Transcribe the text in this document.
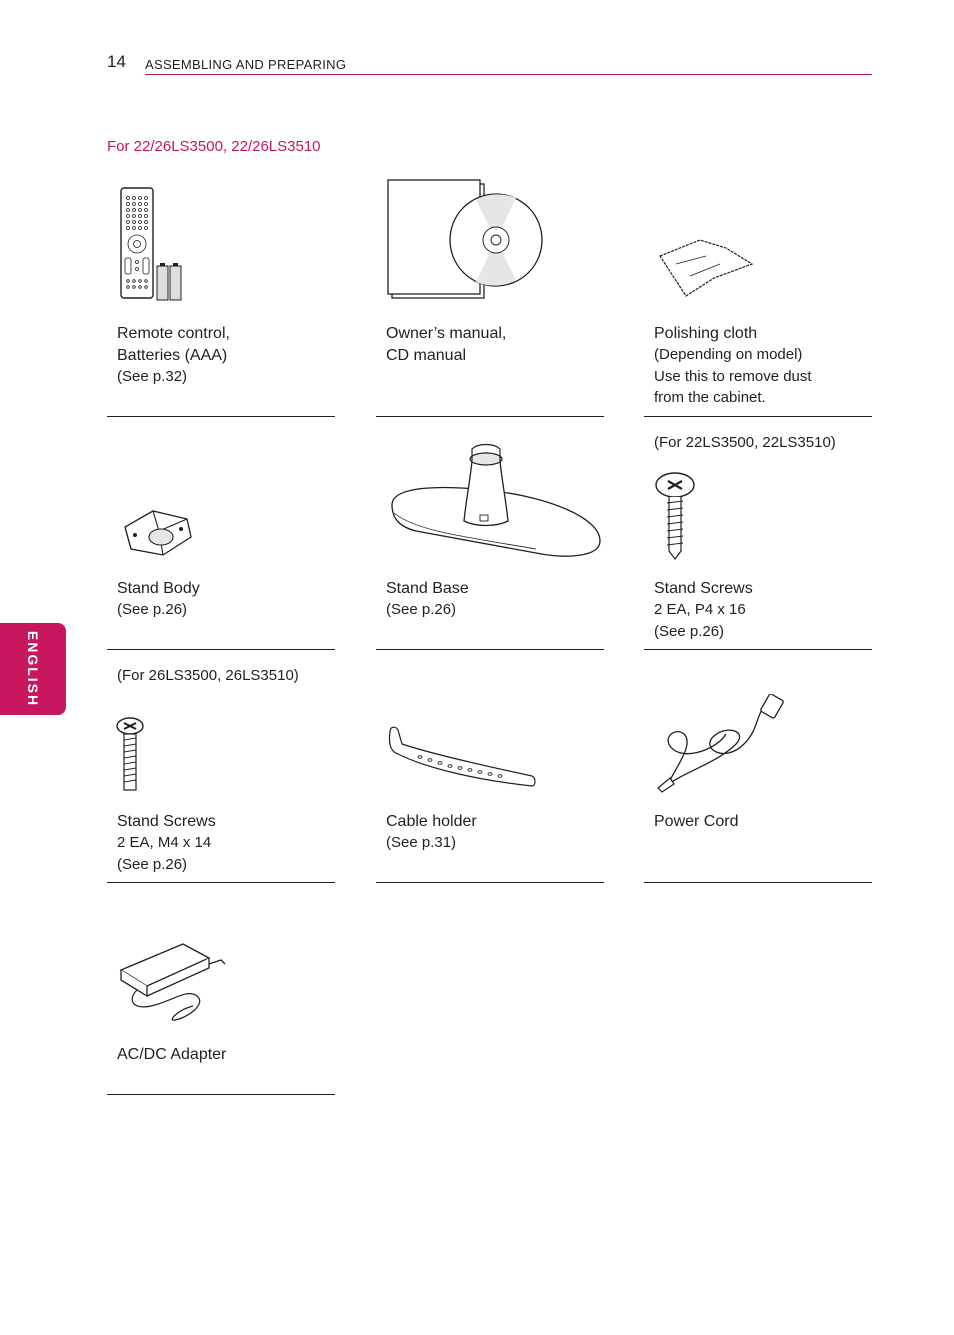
14 ASSEMBLING AND PREPARING
For 22/26LS3500, 22/26LS3510
ENGLISH
Remote control,
Batteries (AAA)
(See p.32)
Owner’s manual,
CD manual
Polishing cloth
(Depending on model)
Use this to remove dust
from the cabinet.
Stand Body
(See p.26)
Stand Base
(See p.26)
(For 22LS3500, 22LS3510)
Stand Screws
2 EA, P4 x 16
(See p.26)
(For 26LS3500, 26LS3510)
Stand Screws
2 EA, M4 x 14
(See p.26)
Cable holder
(See p.31)
Power Cord
AC/DC Adapter
